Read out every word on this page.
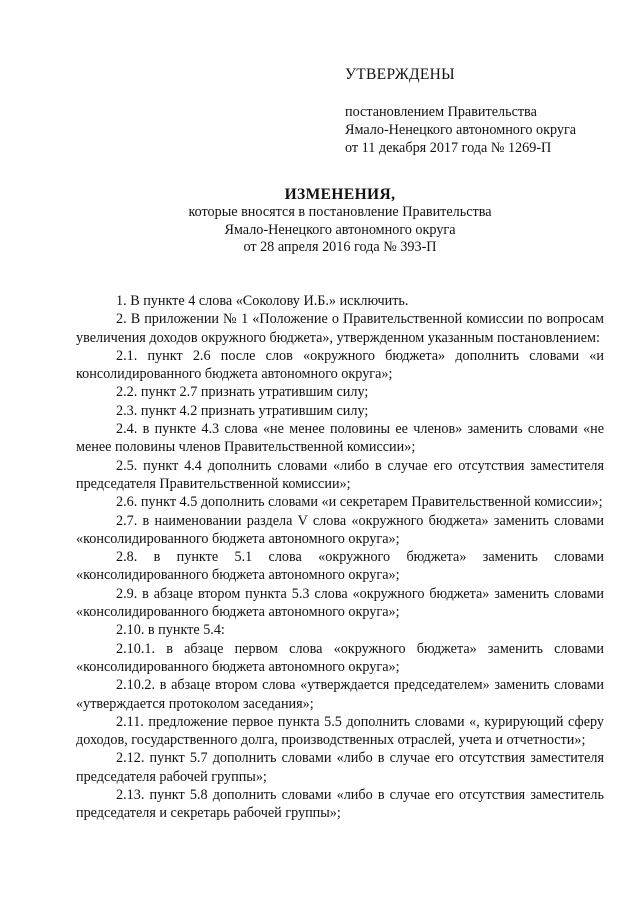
УТВЕРЖДЕНЫ
постановлением Правительства
Ямало-Ненецкого автономного округа
от 11 декабря 2017 года № 1269-П
ИЗМЕНЕНИЯ,
которые вносятся в постановление Правительства
Ямало-Ненецкого автономного округа
от 28 апреля 2016 года № 393-П

1. В пункте 4 слова «Соколову И.Б.» исключить.

2. В приложении № 1 «Положение о Правительственной комиссии по вопросам увеличения доходов окружного бюджета», утвержденном указанным постановлением:

2.1. пункт 2.6 после слов «окружного бюджета» дополнить словами «и консолидированного бюджета автономного округа»;

2.2. пункт 2.7 признать утратившим силу;

2.3. пункт 4.2 признать утратившим силу;

2.4. в пункте 4.3 слова «не менее половины ее членов» заменить словами «не менее половины членов Правительственной комиссии»;

2.5. пункт 4.4 дополнить словами «либо в случае его отсутствия заместителя председателя Правительственной комиссии»;

2.6. пункт 4.5 дополнить словами «и секретарем Правительственной комиссии»;

2.7. в наименовании раздела V слова «окружного бюджета» заменить словами «консолидированного бюджета автономного округа»;

2.8. в пункте 5.1 слова «окружного бюджета» заменить словами «консолидированного бюджета автономного округа»;

2.9. в абзаце втором пункта 5.3 слова «окружного бюджета» заменить словами «консолидированного бюджета автономного округа»;

2.10. в пункте 5.4:

2.10.1. в абзаце первом слова «окружного бюджета» заменить словами «консолидированного бюджета автономного округа»;

2.10.2. в абзаце втором слова «утверждается председателем» заменить словами «утверждается протоколом заседания»;

2.11. предложение первое пункта 5.5 дополнить словами «, курирующий сферу доходов, государственного долга, производственных отраслей, учета и отчетности»;

2.12. пункт 5.7 дополнить словами «либо в случае его отсутствия заместителя председателя рабочей группы»;

2.13. пункт 5.8 дополнить словами «либо в случае его отсутствия заместитель председателя и секретарь рабочей группы»;
